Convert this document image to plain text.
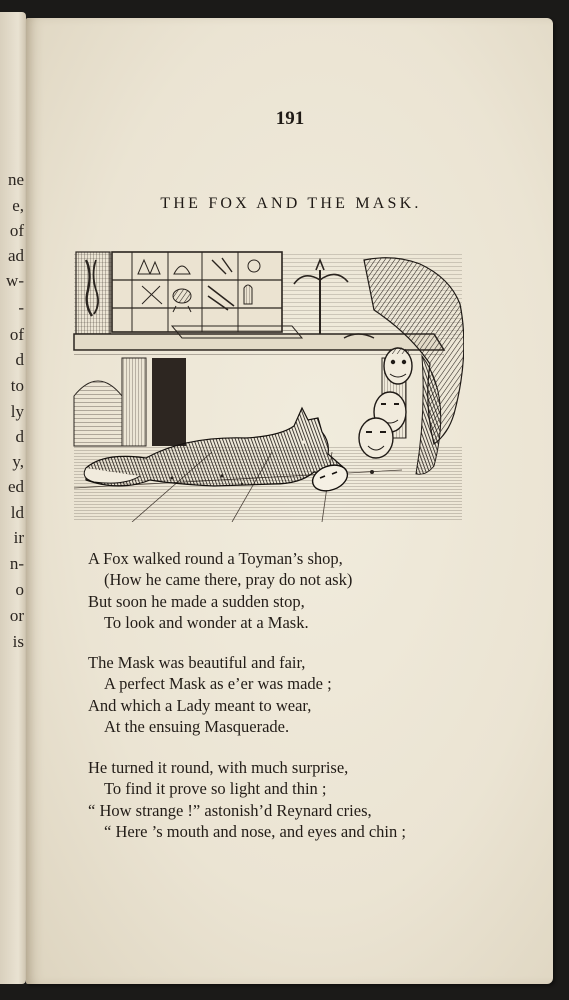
ne
e,
of
ad
w-
-
of
d
to
ly
d
y,
ed
ld
ir
n-
o
or
is
191
THE FOX AND THE MASK.
A Fox walked round a Toyman’s shop,
(How he came there, pray do not ask)
But soon he made a sudden stop,
To look and wonder at a Mask.
The Mask was beautiful and fair,
A perfect Mask as e’er was made ;
And which a Lady meant to wear,
At the ensuing Masquerade.
He turned it round, with much surprise,
To find it prove so light and thin ;
“ How strange !” astonish’d Reynard cries,
“ Here ’s mouth and nose, and eyes and chin ;
